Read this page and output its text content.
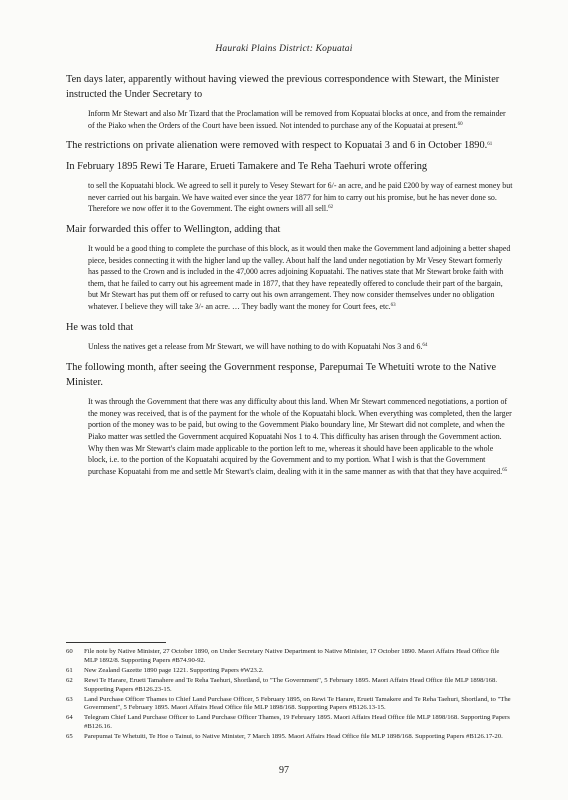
Hauraki Plains District: Kopuatai

Ten days later, apparently without having viewed the previous correspondence with Stewart, the Minister instructed the Under Secretary to

Inform Mr Stewart and also Mr Tizard that the Proclamation will be removed from Kopuatai blocks at once, and from the remainder of the Piako when the Orders of the Court have been issued. Not intended to purchase any of the Kopuatai at present.$^{60}$

The restrictions on private alienation were removed with respect to Kopuatai 3 and 6 in October 1890.61

In February 1895 Rewi Te Harare, Erueti Tamakere and Te Reha Taehuri wrote offering

to sell the Kopuatahi block. We agreed to sell it purely to Vesey Stewart for 6/- an acre, and he paid £200 by way of earnest money but never carried out his bargain. We have waited ever since the year 1877 for him to carry out his promise, but he has never done so. Therefore we now offer it to the Government. The eight owners will all sell.$^{62}$

Mair forwarded this offer to Wellington, adding that

It would be a good thing to complete the purchase of this block, as it would then make the Government land adjoining a better shaped piece, besides connecting it with the higher land up the valley. About half the land under negotiation by Mr Vesey Stewart formerly has passed to the Crown and is included in the 47,000 acres adjoining Kopuatahi. The natives state that Mr Stewart broke faith with them, that he failed to carry out his agreement made in 1877, that they have repeatedly offered to conclude their part of the bargain, but Mr Stewart has put them off or refused to carry out his own arrangement. They now consider themselves under no obligation whatever. I believe they will take 3/- an acre. … They badly want the money for Court fees, etc.$^{63}$

He was told that

Unless the natives get a release from Mr Stewart, we will have nothing to do with Kopuatahi Nos 3 and 6.64

The following month, after seeing the Government response, Parepumai Te Whetuiti wrote to the Native Minister.

It was through the Government that there was any difficulty about this land. When Mr Stewart commenced negotiations, a portion of the money was received, that is of the payment for the whole of the Kopuatahi block. When everything was completed, then the larger portion of the money was to be paid, but owing to the Government Piako boundary line, Mr Stewart did not complete, and when the Piako matter was settled the Government acquired Kopuatahi Nos 1 to 4. This difficulty has arisen through the Government action. Why then was Mr Stewart's claim made applicable to the portion left to me, whereas it should have been applicable to the whole block, i.e. to the portion of the Kopuatahi acquired by the Government and to my portion. What I wish is that the Government purchase Kopuatahi from me and settle Mr Stewart's claim, dealing with it in the same manner as with that that they have acquired.$^{65}$

60 File note by Native Minister, 27 October 1890, on Under Secretary Native Department to Native Minister, 17 October 1890. Maori Affairs Head Office file MLP 1892/8. Supporting Papers #B74.90-92.
61 New Zealand Gazette 1890 page 1221. Supporting Papers #W23.2.
62 Rewi Te Harare, Erueti Tamahere and Te Reha Taehuri, Shortland, to "The Government", 5 February 1895. Maori Affairs Head Office file MLP 1898/168. Supporting Papers #B126.23-15.
63 Land Purchase Officer Thames to Chief Land Purchase Officer, 5 February 1895, on Rewi Te Harare, Erueti Tamakere and Te Reha Taehuri, Shortland, to "The Government", 5 February 1895. Maori Affairs Head Office file MLP 1898/168. Supporting Papers #B126.13-15.
64 Telegram Chief Land Purchase Officer to Land Purchase Officer Thames, 19 February 1895. Maori Affairs Head Office file MLP 1898/168. Supporting Papers #B126.16.
65 Parepumai Te Whetuiti, Te Hoe o Tainui, to Native Minister, 7 March 1895. Maori Affairs Head Office file MLP 1898/168. Supporting Papers #B126.17-20.
97
